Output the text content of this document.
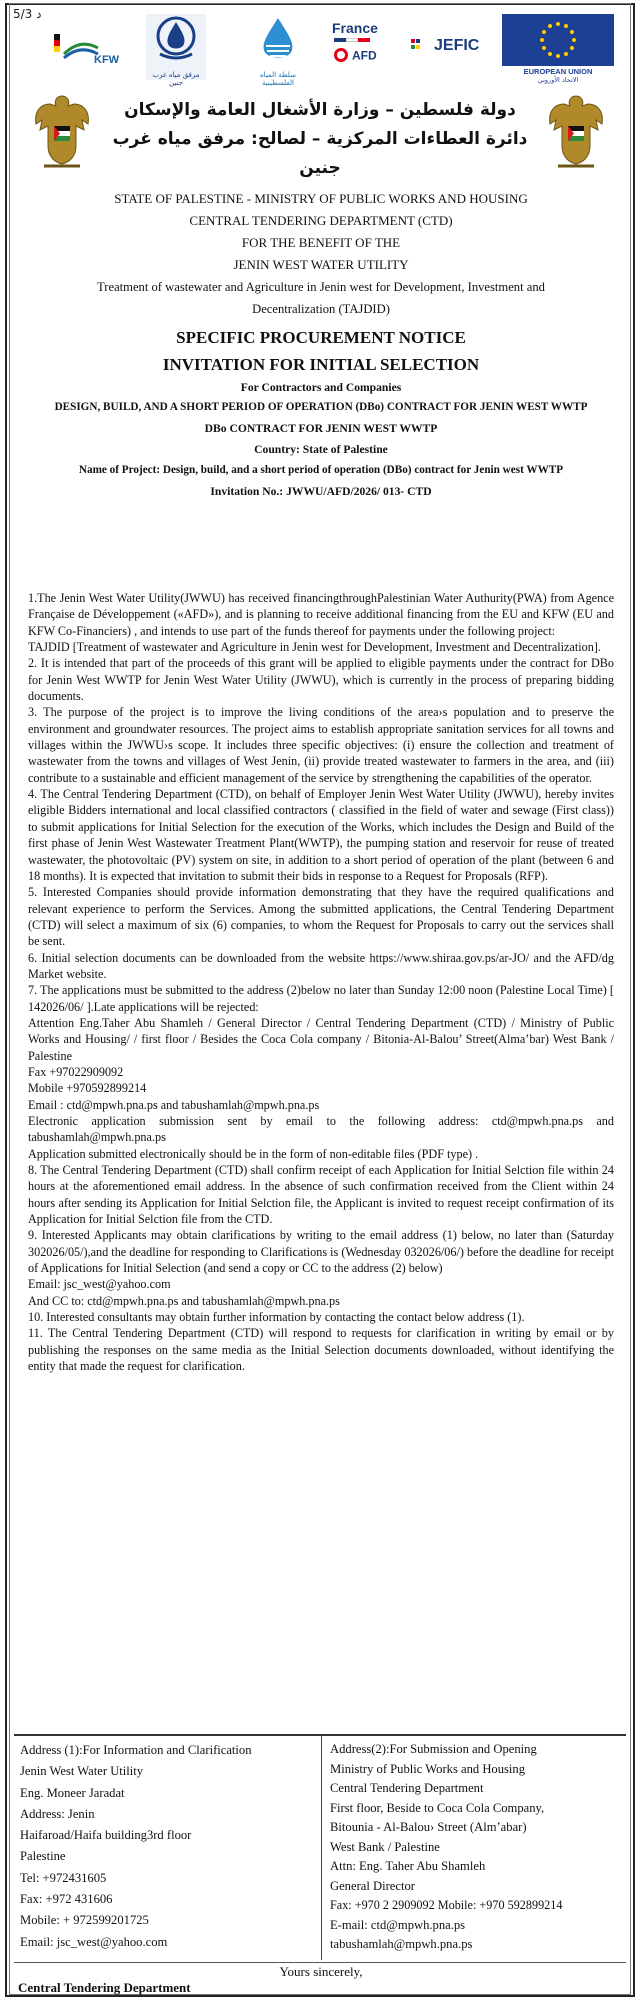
5/3 د
KFW
مرفق مياه غرب جنين
سلطة المياه الفلسطينية
France
AFD
JEFIC
EUROPEAN UNION
الاتحاد الأوروبي
دولة فلسطين – وزارة الأشغال العامة والإسكان
دائرة العطاءات المركزية – لصالح: مرفق مياه غرب جنين
STATE OF PALESTINE - MINISTRY OF PUBLIC WORKS AND HOUSING
CENTRAL TENDERING DEPARTMENT (CTD)
FOR THE BENEFIT OF THE
JENIN WEST WATER UTILITY
Treatment of wastewater and Agriculture in Jenin west for Development, Investment and
Decentralization (TAJDID)
SPECIFIC PROCUREMENT NOTICE
INVITATION FOR INITIAL SELECTION
For Contractors and Companies
DESIGN, BUILD, AND A SHORT PERIOD OF OPERATION (DBo) CONTRACT FOR JENIN WEST WWTP
DBo CONTRACT FOR JENIN WEST WWTP
Country: State of Palestine
Name of Project: Design, build, and a short period of operation (DBo) contract for Jenin west WWTP
Invitation No.: JWWU/AFD/2026/ 013- CTD

1.The Jenin West Water Utility(JWWU) has received financingthroughPalestinian Water Authurity(PWA) from Agence Française de Développement («AFD»), and is planning to receive additional financing from the EU and KFW (EU and KFW Co-Financiers) , and intends to use part of the funds thereof for payments under the following project:

TAJDID [Treatment of wastewater and Agriculture in Jenin west for Development, Investment and Decentralization].

2. It is intended that part of the proceeds of this grant will be applied to eligible payments under the contract for DBo for Jenin West WWTP for Jenin West Water Utility (JWWU), which is currently in the process of preparing bidding documents.

3. The purpose of the project is to improve the living conditions of the area›s population and to preserve the environment and groundwater resources. The project aims to establish appropriate sanitation services for all towns and villages within the JWWU›s scope. It includes three specific objectives: (i) ensure the collection and treatment of wastewater from the towns and villages of West Jenin, (ii) provide treated wastewater to farmers in the area, and (iii) contribute to a sustainable and efficient management of the service by strengthening the capabilities of the operator.

4. The Central Tendering Department (CTD), on behalf of Employer Jenin West Water Utility (JWWU), hereby invites eligible Bidders international and local classified contractors ( classified in the field of water and sewage (First class)) to submit applications for Initial Selection for the execution of the Works, which includes the Design and Build of the first phase of Jenin West Wastewater Treatment Plant(WWTP), the pumping station and reservoir for reuse of treated wastewater, the photovoltaic (PV) system on site, in addition to a short period of operation of the plant (between 6 and 18 months). It is expected that invitation to submit their bids in response to a Request for Proposals (RFP).

5. Interested Companies should provide information demonstrating that they have the required qualifications and relevant experience to perform the Services. Among the submitted applications, the Central Tendering Department (CTD) will select a maximum of six (6) companies, to whom the Request for Proposals to carry out the services shall be sent.

6. Initial selection documents can be downloaded from the website https://www.shiraa.gov.ps/ar-JO/ and the AFD/dg Market website.

7. The applications must be submitted to the address (2)below no later than Sunday 12:00 noon (Palestine Local Time) [ 142026/06/ ].Late applications will be rejected:

Attention Eng.Taher Abu Shamleh / General Director / Central Tendering Department (CTD) / Ministry of Public Works and Housing/ / first floor / Besides the Coca Cola company / Bitonia-Al-Balou’ Street(Alma’bar) West Bank / Palestine

Fax +97022909092

Mobile +970592899214

Email : ctd@mpwh.pna.ps and tabushamlah@mpwh.pna.ps

Electronic application submission sent by email to the following address: ctd@mpwh.pna.ps and tabushamlah@mpwh.pna.ps

Application submitted electronically should be in the form of non-editable files (PDF type) .

8. The Central Tendering Department (CTD) shall confirm receipt of each Application for Initial Selction file within 24 hours at the aforementioned email address. In the absence of such confirmation received from the Client within 24 hours after sending its Application for Initial Selction file, the Applicant is invited to request receipt confirmation of its Application for Initial Selction file from the CTD.

9. Interested Applicants may obtain clarifications by writing to the email address (1) below, no later than (Saturday 302026/05/),and the deadline for responding to Clarifications is (Wednesday 032026/06/) before the deadline for receipt of Applications for Initial Selection (and send a copy or CC to the address (2) below)

Email: jsc_west@yahoo.com

And CC to: ctd@mpwh.pna.ps and tabushamlah@mpwh.pna.ps

10. Interested consultants may obtain further information by contacting the contact below address (1).

11. The Central Tendering Department (CTD) will respond to requests for clarification in writing by email or by publishing the responses on the same media as the Initial Selection documents downloaded, without identifying the entity that made the request for clarification.

Address (1):For Information and Clarification
Jenin West Water Utility
Eng. Moneer Jaradat
Address: Jenin
Haifaroad/Haifa building3rd floor
Palestine
Tel: +972431605
Fax: +972 431606
Mobile: + 972599201725
Email: jsc_west@yahoo.com
Address(2):For Submission and Opening
Ministry of Public Works and Housing
Central Tendering Department
First floor, Beside to Coca Cola Company,
Bitounia - Al-Balou› Street (Alm’abar)
West Bank / Palestine
Attn: Eng. Taher Abu Shamleh
General Director
Fax: +970 2 2909092 Mobile: +970 592899214
E-mail: ctd@mpwh.pna.ps
tabushamlah@mpwh.pna.ps
Yours sincerely,
Central Tendering Department
